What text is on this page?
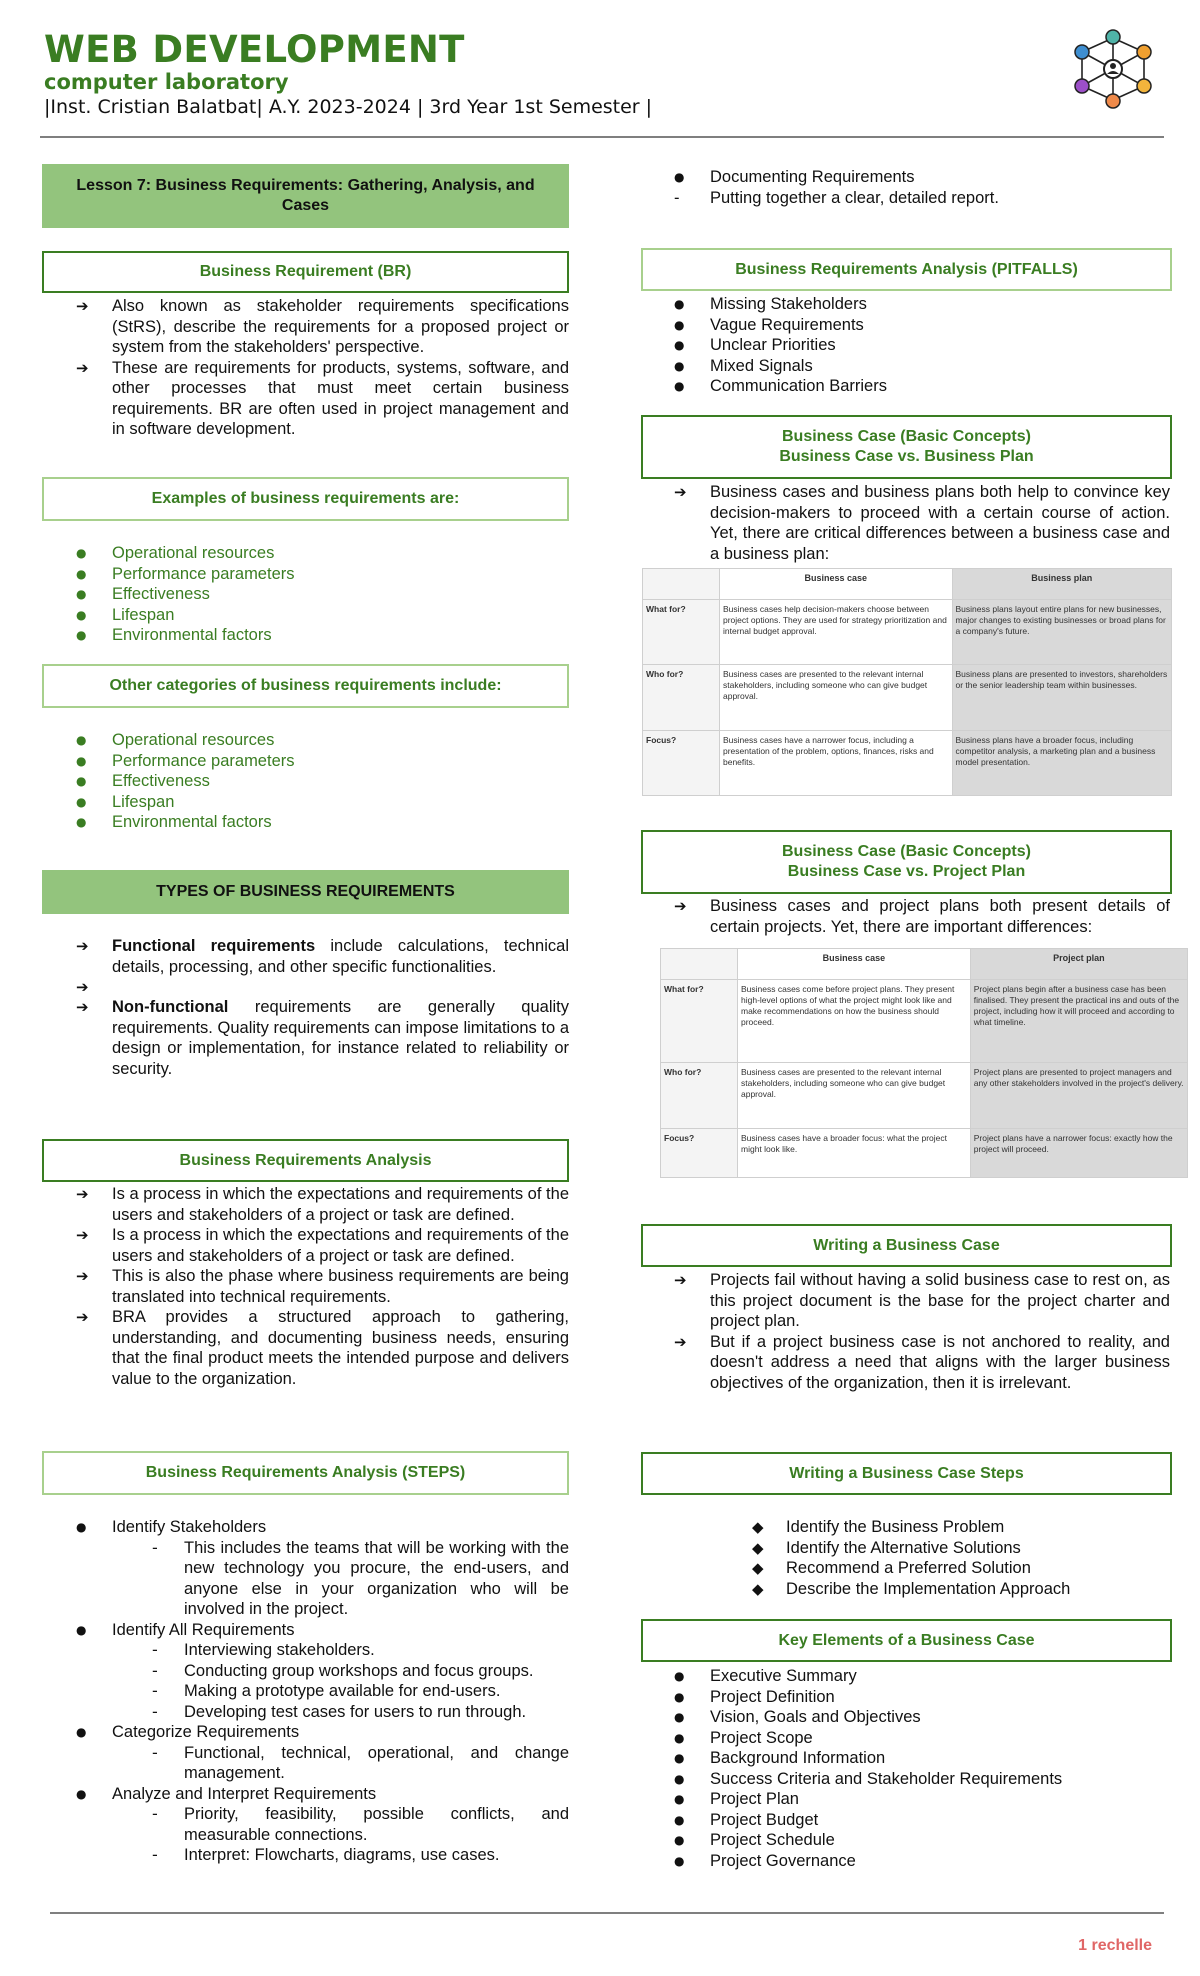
WEB DEVELOPMENT
computer laboratory
|Inst. Cristian Balatbat| A.Y. 2023-2024 | 3rd Year 1st Semester |
Lesson 7: Business Requirements: Gathering, Analysis, and Cases
Business Requirement (BR)
➔ Also known as stakeholder requirements specifications (StRS), describe the requirements for a proposed project or system from the stakeholders' perspective.
➔ These are requirements for products, systems, software, and other processes that must meet certain business requirements. BR are often used in project management and in software development.
Examples of business requirements are:
● Operational resources
● Performance parameters
● Effectiveness
● Lifespan
● Environmental factors
Other categories of business requirements include:
● Operational resources
● Performance parameters
● Effectiveness
● Lifespan
● Environmental factors
TYPES OF BUSINESS REQUIREMENTS
➔ Functional requirements include calculations, technical details, processing, and other specific functionalities.
➔
➔ Non-functional requirements are generally quality requirements. Quality requirements can impose limitations to a design or implementation, for instance related to reliability or security.
Business Requirements Analysis
➔ Is a process in which the expectations and requirements of the users and stakeholders of a project or task are defined.
➔ Is a process in which the expectations and requirements of the users and stakeholders of a project or task are defined.
➔ This is also the phase where business requirements are being translated into technical requirements.
➔ BRA provides a structured approach to gathering, understanding, and documenting business needs, ensuring that the final product meets the intended purpose and delivers value to the organization.
Business Requirements Analysis (STEPS)
● Identify Stakeholders
- This includes the teams that will be working with the new technology you procure, the end-users, and anyone else in your organization who will be involved in the project.
● Identify All Requirements
- Interviewing stakeholders.
- Conducting group workshops and focus groups.
- Making a prototype available for end-users.
- Developing test cases for users to run through.
● Categorize Requirements
- Functional, technical, operational, and change management.
● Analyze and Interpret Requirements
- Priority, feasibility, possible conflicts, and measurable connections.
- Interpret: Flowcharts, diagrams, use cases.
● Documenting Requirements
- Putting together a clear, detailed report.
Business Requirements Analysis (PITFALLS)
● Missing Stakeholders
● Vague Requirements
● Unclear Priorities
● Mixed Signals
● Communication Barriers
Business Case (Basic Concepts)
Business Case vs. Business Plan
➔ Business cases and business plans both help to convince key decision-makers to proceed with a certain course of action. Yet, there are critical differences between a business case and a business plan:
	Business case	Business plan
What for?	Business cases help decision-makers choose between project options. They are used for strategy prioritization and internal budget approval.	Business plans layout entire plans for new businesses, major changes to existing businesses or broad plans for a company's future.
Who for?	Business cases are presented to the relevant internal stakeholders, including someone who can give budget approval.	Business plans are presented to investors, shareholders or the senior leadership team within businesses.
Focus?	Business cases have a narrower focus, including a presentation of the problem, options, finances, risks and benefits.	Business plans have a broader focus, including competitor analysis, a marketing plan and a business model presentation.
Business Case (Basic Concepts)
Business Case vs. Project Plan
➔ Business cases and project plans both present details of certain projects. Yet, there are important differences:
	Business case	Project plan
What for?	Business cases come before project plans. They present high-level options of what the project might look like and make recommendations on how the business should proceed.	Project plans begin after a business case has been finalised. They present the practical ins and outs of the project, including how it will proceed and according to what timeline.
Who for?	Business cases are presented to the relevant internal stakeholders, including someone who can give budget approval.	Project plans are presented to project managers and any other stakeholders involved in the project's delivery.
Focus?	Business cases have a broader focus: what the project might look like.	Project plans have a narrower focus: exactly how the project will proceed.
Writing a Business Case
➔ Projects fail without having a solid business case to rest on, as this project document is the base for the project charter and project plan.
➔ But if a project business case is not anchored to reality, and doesn't address a need that aligns with the larger business objectives of the organization, then it is irrelevant.
Writing a Business Case Steps
◆ Identify the Business Problem
◆ Identify the Alternative Solutions
◆ Recommend a Preferred Solution
◆ Describe the Implementation Approach
Key Elements of a Business Case
● Executive Summary
● Project Definition
● Vision, Goals and Objectives
● Project Scope
● Background Information
● Success Criteria and Stakeholder Requirements
● Project Plan
● Project Budget
● Project Schedule
● Project Governance
1 rechelle
